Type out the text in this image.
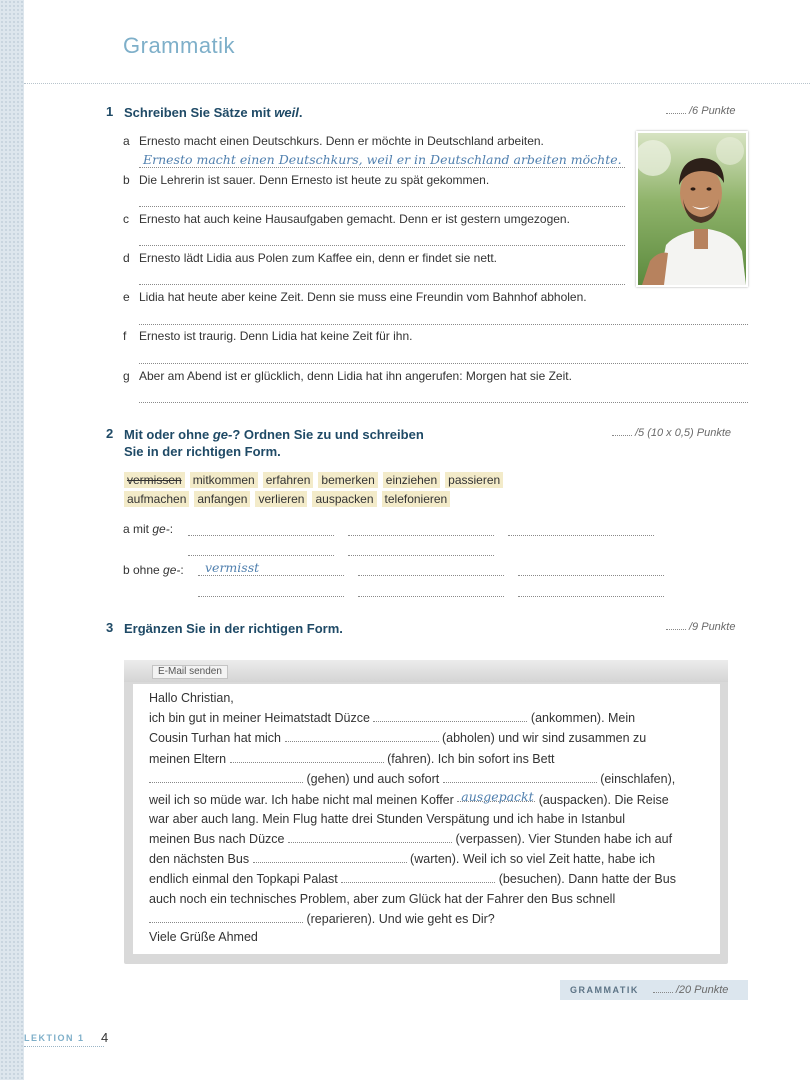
Grammatik
1 Schreiben Sie Sätze mit weil.	/6 Punkte
a Ernesto macht einen Deutschkurs. Denn er möchte in Deutschland arbeiten.
Ernesto macht einen Deutschkurs, weil er in Deutschland arbeiten möchte.
b Die Lehrerin ist sauer. Denn Ernesto ist heute zu spät gekommen.
c Ernesto hat auch keine Hausaufgaben gemacht. Denn er ist gestern umgezogen.
d Ernesto lädt Lidia aus Polen zum Kaffee ein, denn er findet sie nett.
e Lidia hat heute aber keine Zeit. Denn sie muss eine Freundin vom Bahnhof abholen.
f Ernesto ist traurig. Denn Lidia hat keine Zeit für ihn.
g Aber am Abend ist er glücklich, denn Lidia hat ihn angerufen: Morgen hat sie Zeit.
2 Mit oder ohne ge-? Ordnen Sie zu und schreiben
Sie in der richtigen Form.
/5 (10 x 0,5) Punkte
vermissen mitkommen erfahren bemerken einziehen passieren
aufmachen anfangen verlieren auspacken telefonieren
a mit ge-:
b ohne ge-: vermisst
3 Ergänzen Sie in der richtigen Form.	/9 Punkte
E-Mail senden
Hallo Christian,
ich bin gut in meiner Heimatstadt Düzce	(ankommen). Mein
Cousin Turhan hat mich	(abholen) und wir sind zusammen zu
meinen Eltern	(fahren). Ich bin sofort ins Bett
(gehen) und auch sofort	(einschlafen),
weil ich so müde war. Ich habe nicht mal meinen Koffer ausgepackt (auspacken). Die Reise
war aber auch lang. Mein Flug hatte drei Stunden Verspätung und ich habe in Istanbul
meinen Bus nach Düzce	(verpassen). Vier Stunden habe ich auf
den nächsten Bus	(warten). Weil ich so viel Zeit hatte, habe ich
endlich einmal den Topkapi Palast	(besuchen). Dann hatte der Bus
auch noch ein technisches Problem, aber zum Glück hat der Fahrer den Bus schnell
(reparieren). Und wie geht es Dir?
Viele Grüße Ahmed
GRAMMATIK	/20 Punkte
LEKTION 1 4
